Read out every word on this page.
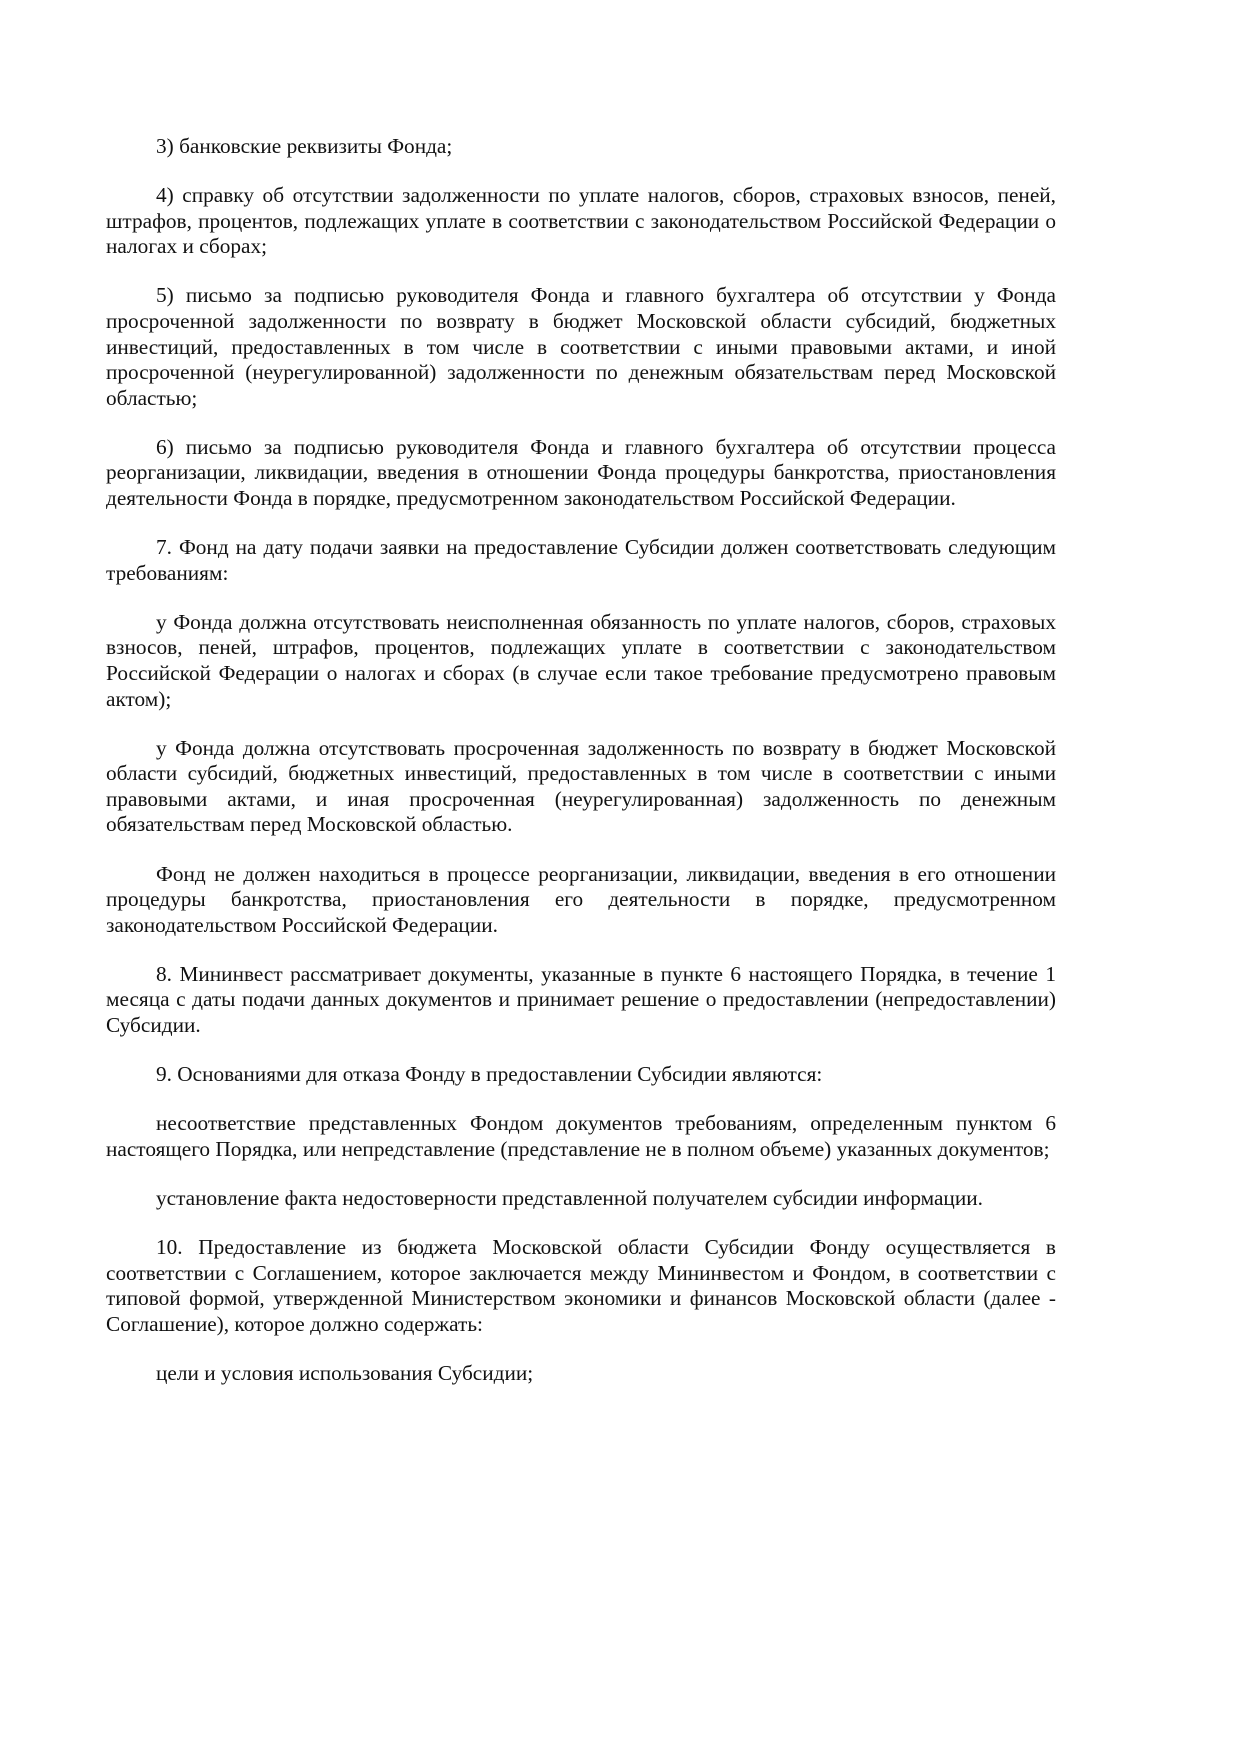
3) банковские реквизиты Фонда;

4) справку об отсутствии задолженности по уплате налогов, сборов, страховых взносов, пеней, штрафов, процентов, подлежащих уплате в соответствии с законодательством Российской Федерации о налогах и сборах;

5) письмо за подписью руководителя Фонда и главного бухгалтера об отсутствии у Фонда просроченной задолженности по возврату в бюджет Московской области субсидий, бюджетных инвестиций, предоставленных в том числе в соответствии с иными правовыми актами, и иной просроченной (неурегулированной) задолженности по денежным обязательствам перед Московской областью;

6) письмо за подписью руководителя Фонда и главного бухгалтера об отсутствии процесса реорганизации, ликвидации, введения в отношении Фонда процедуры банкротства, приостановления деятельности Фонда в порядке, предусмотренном законодательством Российской Федерации.

7. Фонд на дату подачи заявки на предоставление Субсидии должен соответствовать следующим требованиям:

у Фонда должна отсутствовать неисполненная обязанность по уплате налогов, сборов, страховых взносов, пеней, штрафов, процентов, подлежащих уплате в соответствии с законодательством Российской Федерации о налогах и сборах (в случае если такое требование предусмотрено правовым актом);

у Фонда должна отсутствовать просроченная задолженность по возврату в бюджет Московской области субсидий, бюджетных инвестиций, предоставленных в том числе в соответствии с иными правовыми актами, и иная просроченная (неурегулированная) задолженность по денежным обязательствам перед Московской областью.

Фонд не должен находиться в процессе реорганизации, ликвидации, введения в его отношении процедуры банкротства, приостановления его деятельности в порядке, предусмотренном законодательством Российской Федерации.

8. Мининвест рассматривает документы, указанные в пункте 6 настоящего Порядка, в течение 1 месяца с даты подачи данных документов и принимает решение о предоставлении (непредоставлении) Субсидии.

9. Основаниями для отказа Фонду в предоставлении Субсидии являются:

несоответствие представленных Фондом документов требованиям, определенным пунктом 6 настоящего Порядка, или непредставление (представление не в полном объеме) указанных документов;

установление факта недостоверности представленной получателем субсидии информации.

10. Предоставление из бюджета Московской области Субсидии Фонду осуществляется в соответствии с Соглашением, которое заключается между Мининвестом и Фондом, в соответствии с типовой формой, утвержденной Министерством экономики и финансов Московской области (далее - Соглашение), которое должно содержать:

цели и условия использования Субсидии;
